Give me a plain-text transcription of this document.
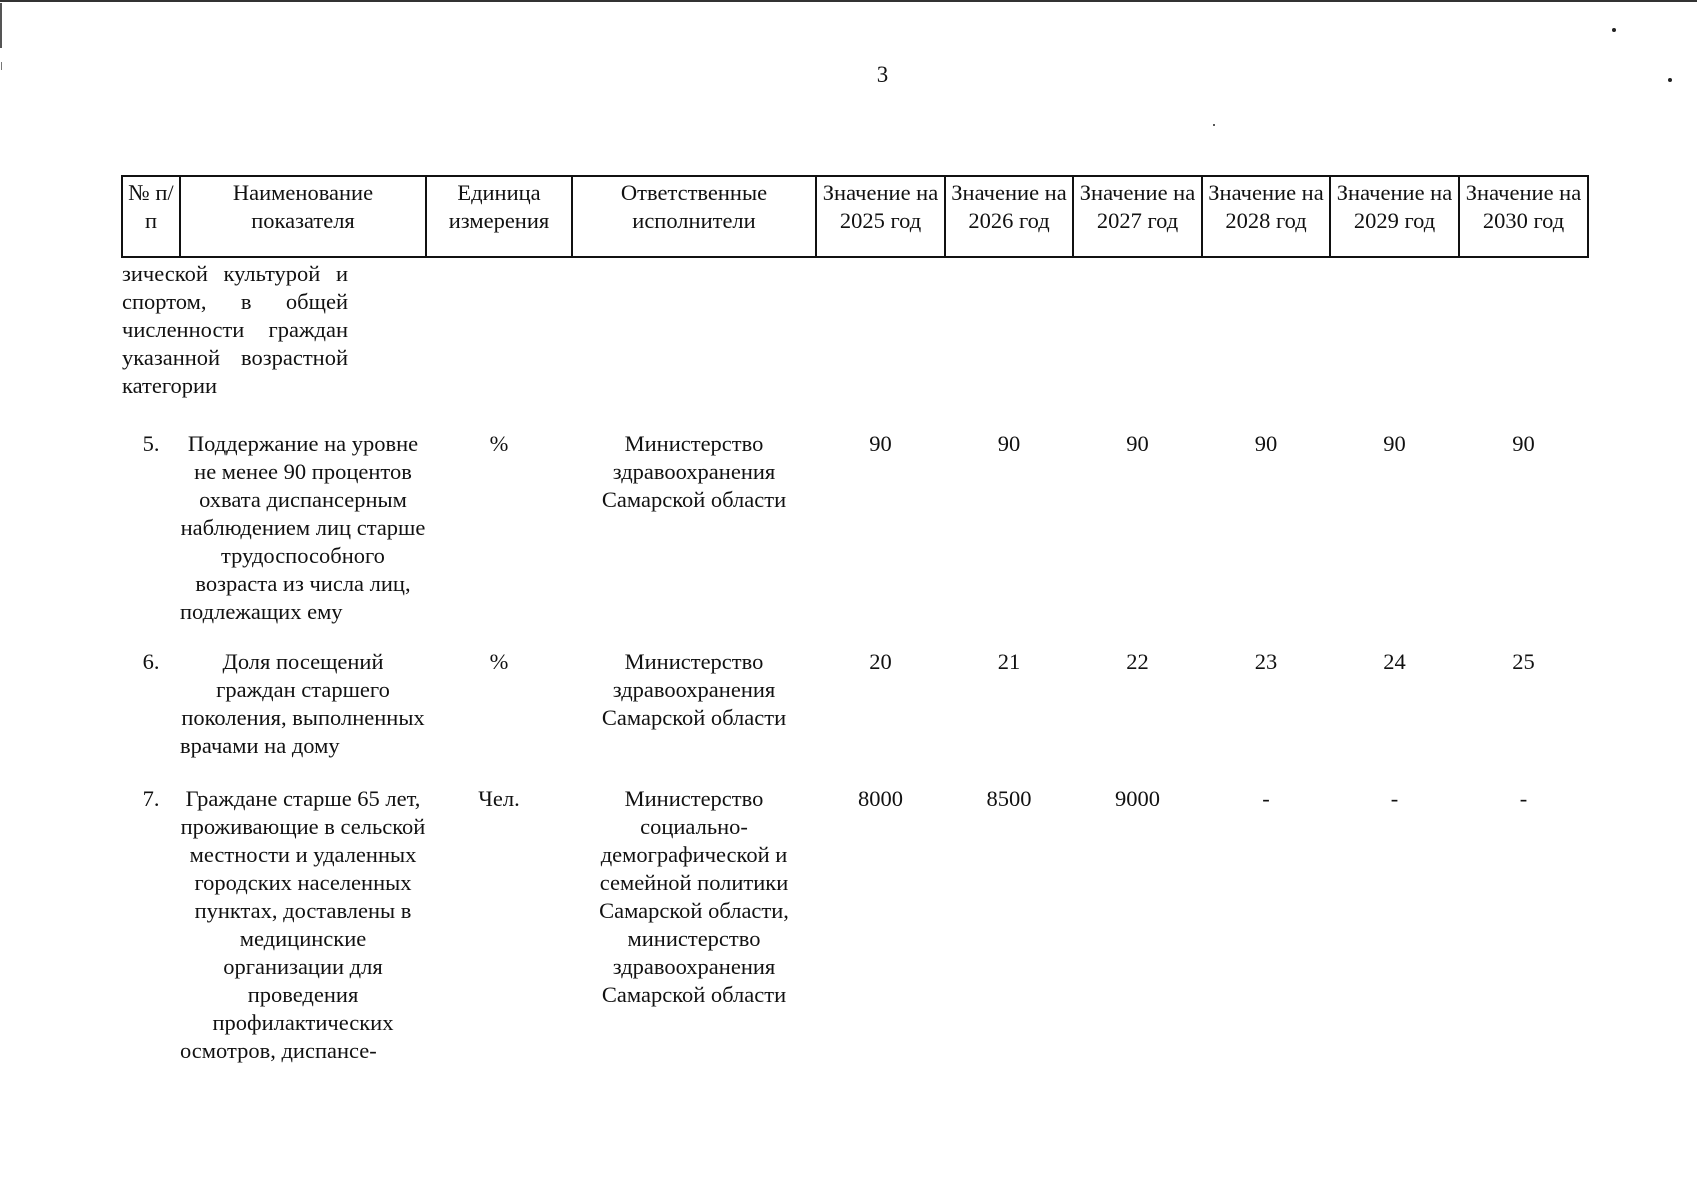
3
№ п/п	Наименование показателя	Единица измерения	Ответственные исполнители	Значение на 2025 год	Значение на 2026 год	Значение на 2027 год	Значение на 2028 год	Значение на 2029 год	Значение на 2030 год

зической культурой и спортом, в общей численности граждан указанной возрастной категории									

5.	Поддержание на уровне не менее 90 процентов охвата диспансерным наблюдением лиц старше трудоспособного возраста из числа лиц, подлежащих ему	%	Министерство здравоохранения Самарской области	90	90	90	90	90	90
6.	Доля посещений граждан старшего поколения, выполненных врачами на дому	%	Министерство здравоохранения Самарской области	20	21	22	23	24	25
7.	Граждане старше 65 лет, проживающие в сельской местности и удаленных городских населенных пунктах, доставлены в медицинские организации для проведения профилактических осмотров, диспансе-	Чел.	Министерство социально-демографической и семейной политики Самарской области, министерство здравоохранения Самарской области	8000	8500	9000	-	-	-
